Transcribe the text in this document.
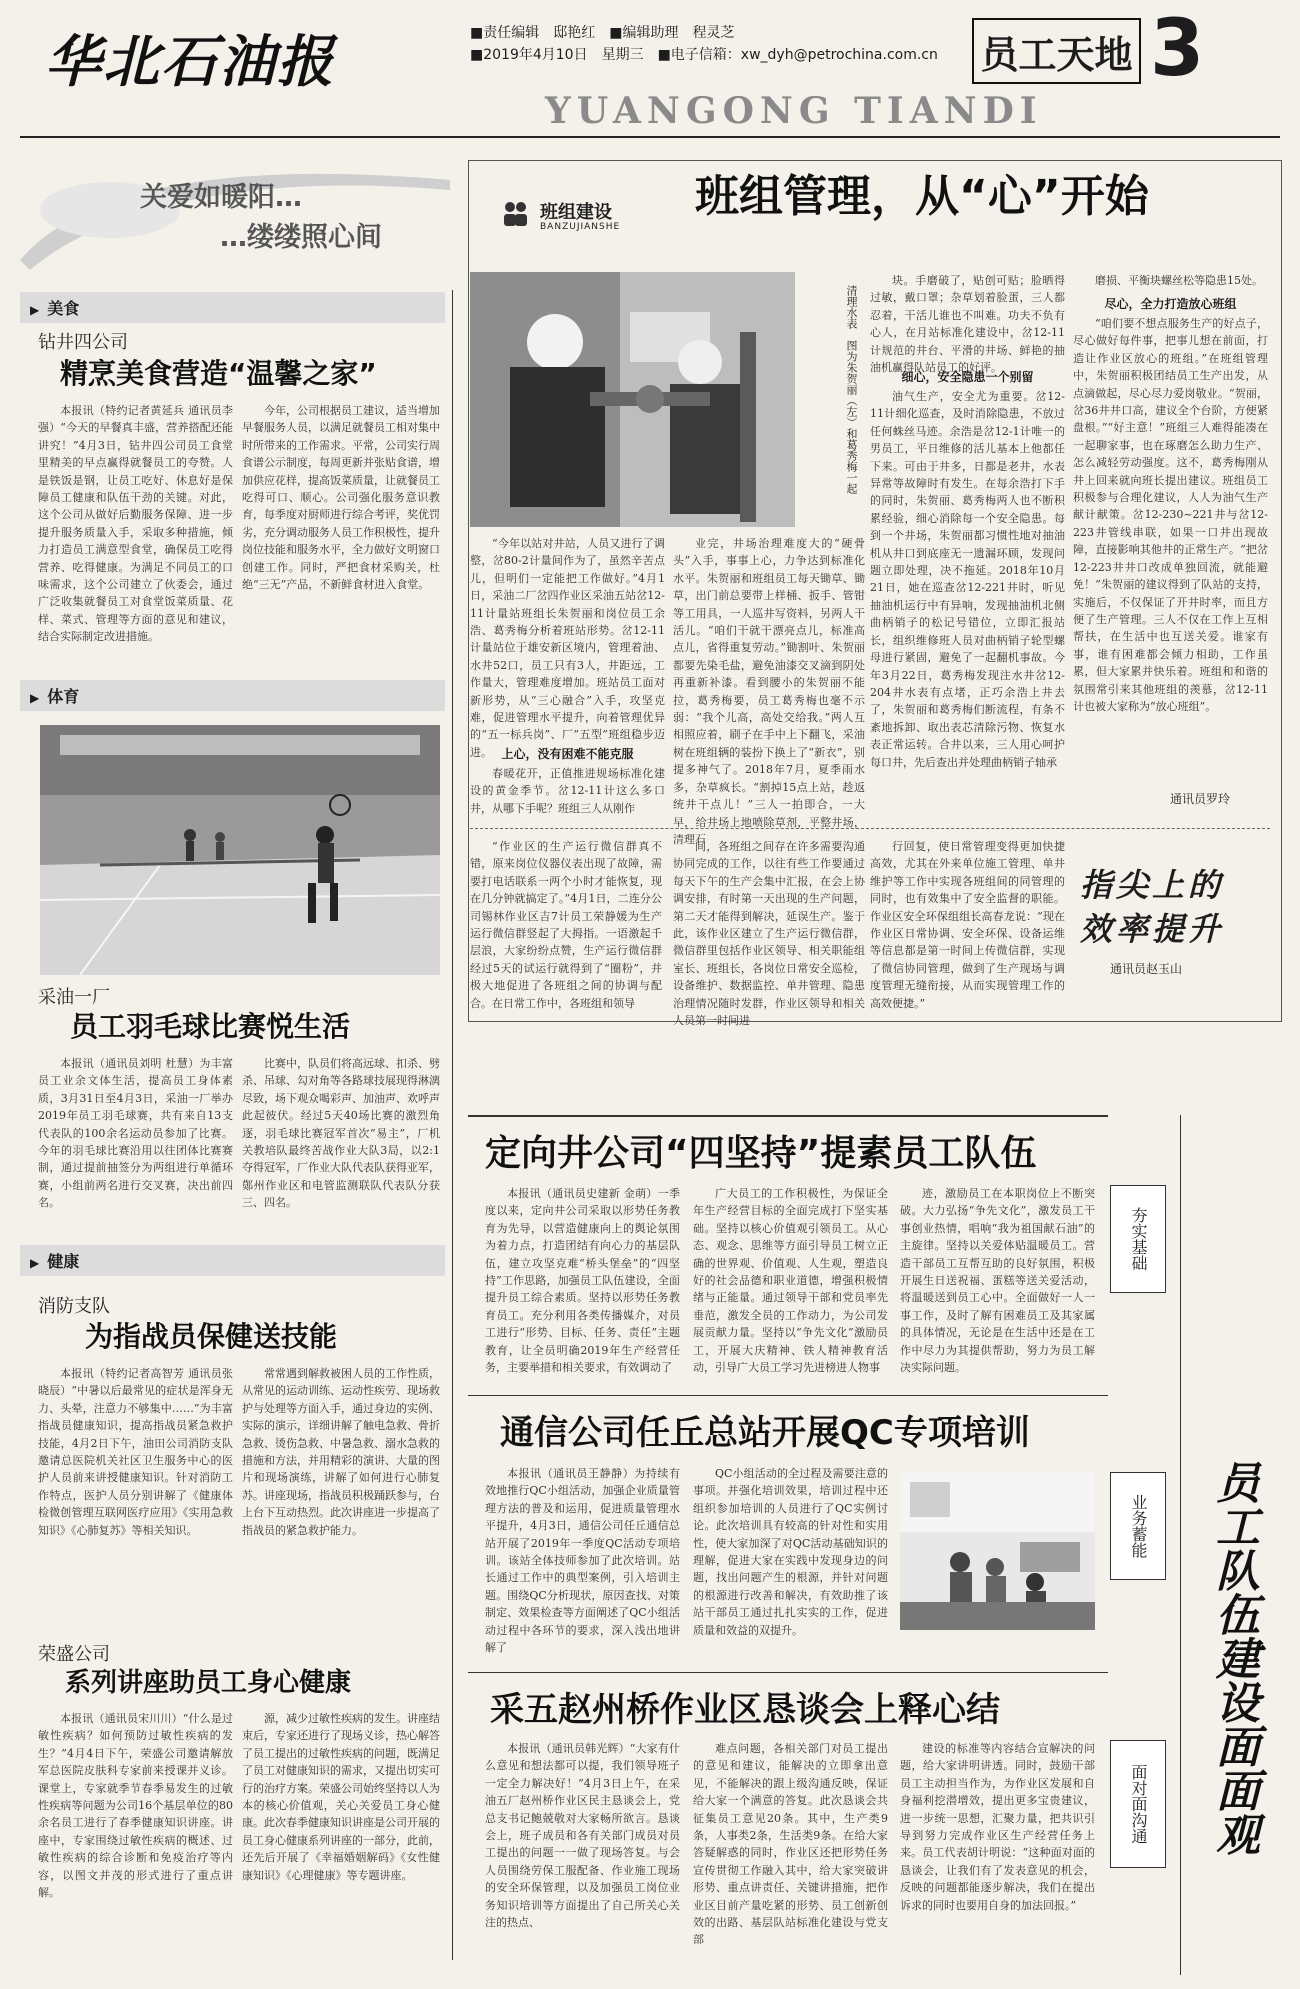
华北石油报	■责任编辑　邸艳红　 ■编辑助理　程灵芝
■2019年4月10日　星期三　 ■电子信箱：xw_dyh@petrochina.com.cn	员工天地 3
YUANGONG TIANDI
关爱如暖阳…
…缕缕照心间
▶ 美食
钻井四公司
精烹美食营造“温馨之家”

本报讯（特约记者黄延兵 通讯员李强）“今天的早餐真丰盛，营养搭配还能讲究！”4月3日，钻井四公司员工食堂里精美的早点赢得就餐员工的夸赞。人是铁饭是钢，让员工吃好、休息好是保障员工健康和队伍干劲的关键。对此，这个公司从做好后勤服务保障、进一步提升服务质量入手，采取多种措施，倾力打造员工满意型食堂，确保员工吃得营养、吃得健康。为满足不同员工的口味需求，这个公司建立了伙委会，通过广泛收集就餐员工对食堂饭菜质量、花样、菜式、管理等方面的意见和建议，结合实际制定改进措施。

今年，公司根据员工建议，适当增加早餐服务人员，以满足就餐员工相对集中时所带来的工作需求。平常，公司实行周食谱公示制度，每周更新并张贴食谱，增加供应花样，提高饭菜质量，让就餐员工吃得可口、顺心。公司强化服务意识教育，每季度对厨师进行综合考评，奖优罚劣，充分调动服务人员工作积极性，提升岗位技能和服务水平，全力做好文明窗口创建工作。同时，严把食材采购关，杜绝“三无”产品，不新鲜食材进入食堂。

▶ 体育
采油一厂
员工羽毛球比赛悦生活

本报讯（通讯员刘明 杜慧）为丰富员工业余文体生活，提高员工身体素质，3月31日至4月3日，采油一厂举办2019年员工羽毛球赛，共有来自13支代表队的100余名运动员参加了比赛。今年的羽毛球比赛沿用以往团体比赛赛制，通过提前抽签分为两组进行单循环赛，小组前两名进行交叉赛，决出前四名。

比赛中，队员们将高远球、扣杀、劈杀、吊球、勾对角等各路球技展现得淋漓尽致，场下观众喝彩声、加油声、欢呼声此起彼伏。经过5天40场比赛的激烈角逐，羽毛球比赛冠军首次“易主”，厂机关教培队最终苦战作业大队3局，以2:1夺得冠军，厂作业大队代表队获得亚军，鄚州作业区和电管监测联队代表队分获三、四名。

▶ 健康
消防支队
为指战员保健送技能

本报讯（特约记者高智芳 通讯员张晓辰）“中暑以后最常见的症状是浑身无力、头晕，注意力不够集中……”为丰富指战员健康知识，提高指战员紧急救护技能，4月2日下午，油田公司消防支队邀请总医院机关社区卫生服务中心的医护人员前来讲授健康知识。针对消防工作特点，医护人员分别讲解了《健康体检微创管理互联网医疗应用》《实用急救知识》《心肺复苏》等相关知识。

常常遇到解救被困人员的工作性质，从常见的运动训练、运动性疾劳、现场救护与处理等方面入手，通过身边的实例、实际的演示，详细讲解了触电急救、骨折急救、烫伤急救、中暑急救、溺水急救的措施和方法，并用精彩的演讲、大量的图片和现场演练，讲解了如何进行心肺复苏。讲座现场，指战员积极踊跃参与，台上台下互动热烈。此次讲座进一步提高了指战员的紧急救护能力。

荣盛公司
系列讲座助员工身心健康

本报讯（通讯员宋川川）“什么是过敏性疾病？如何预防过敏性疾病的发生？”4月4日下午，荣盛公司邀请解放军总医院皮肤科专家前来授课并义诊。课堂上，专家就季节春季易发生的过敏性疾病等问题为公司16个基层单位的80余名员工进行了春季健康知识讲座。讲座中，专家围绕过敏性疾病的概述、过敏性疾病的综合诊断和免疫治疗等内容，以图文并茂的形式进行了重点讲解。

源，减少过敏性疾病的发生。讲座结束后，专家还进行了现场义诊，热心解答了员工提出的过敏性疾病的问题，既满足了员工对健康知识的需求，又提出切实可行的治疗方案。荣盛公司始终坚持以人为本的核心价值观，关心关爱员工身心健康。此次春季健康知识讲座是公司开展的员工身心健康系列讲座的一部分，此前，还先后开展了《幸福婚姻解码》《女性健康知识》《心理健康》等专题讲座。

班组建设
BANZUJIANSHE
班组管理，从“心”开始
清理水表　图为朱贺丽（左）和葛秀梅一起

“今年以站对井站，人员又进行了调整，岔80-2计量间作为了，虽然辛苦点儿，但明们一定能把工作做好。”4月1日，采油二厂岔四作业区采油五站岔12-11计量站班组长朱贺丽和岗位员工余浩、葛秀梅分析着班站形势。岔12-11计量站位于雄安新区境内，管理着油、水井52口，员工只有3人，井距远，工作量大，管理难度增加。班站员工面对新形势，从“三心融合”入手，攻坚克难，促进管理水平提升，向着管理优异的“五一标兵岗”、厂“五型”班组稳步迈进。 上心，没有困难不能克服

春暖花开，正值推进规场标准化建设的黄金季节。岔12-11计这么多口井，从哪下手呢？班组三人从刚作

业完，井场治理难度大的“硬骨头”入手，事事上心，力争达到标准化水平。朱贺丽和班组员工每天锄草、锄草，出门前总要带上样桶、扳手、管钳等工用具，一人巡井写资料，另两人干活儿。“咱们干就干漂亮点儿，标准高点儿，省得重复劳动。”锄割叶、朱贺丽都要先染毛盐，避免油漆交叉滴到阴处再重新补漆。看到腰小的朱贺丽不能拉，葛秀梅要，员工葛秀梅也毫不示弱：“我个儿高，高处交给我。”两人互相照应着，刷子在手中上下翻飞，采油树在班组辆的装扮下换上了“新衣”，别提多神气了。2018年7月，夏季雨水多，杂草疯长。“割掉15点上站，趁返统井干点儿！”三人一拍即合，一大早，给井场上地喷除草剂，平整井场，清理石

块。手磨破了，贴创可贴；脸晒得过敏，戴口罩；杂草划着脸蛋，三人都忍着，干活儿谁也不叫难。功夫不负有心人，在月站标准化建设中，岔12-11计规范的井台、平滑的井场、鲜艳的抽油机赢得队站员工的好评。

细心，安全隐患一个别留

油气生产，安全尤为重要。岔12-11计细化巡查，及时消除隐患，不放过任何蛛丝马迹。余浩是岔12-1计唯一的男员工，平日维修的活儿基本上他都任下来。可由于井多，日都是老井，水表异常等故障时有发生。在每余浩打下手的同时，朱贺丽、葛秀梅两人也不断积累经验，细心消除每一个安全隐患。每到一个井场，朱贺丽都习惯性地对抽油机从井口到底座无一遗漏环顾，发现问题立即处理，决不拖延。2018年10月21日，她在巡查岔12-221井时，听见抽油机运行中有异响，发现抽油机北侧曲柄销子的松记号错位，立即汇报站长，组织维修班人员对曲柄销子轮型螺母进行紧固，避免了一起翻机事故。今年3月22日，葛秀梅发现注水井岔12-204井水表有点堵，正巧余浩上井去了，朱贺丽和葛秀梅们断流程，有条不紊地拆卸、取出表芯清除污物、恢复水表正常运转。合井以来，三人用心呵护每口井，先后查出并处理曲柄销子轴承

磨损、平衡块螺丝松等隐患15处。

尽心，全力打造放心班组

“咱们要不想点服务生产的好点子，尽心做好每件事，把事儿想在前面，打造让作业区放心的班组。”在班组管理中，朱贺丽积极团结员工生产出发，从点滴做起，尽心尽力爱岗敬业。“贺丽，岔36井井口高，建议全个台阶，方便紧盘根。”“好主意！”班组三人难得能凑在一起聊家事，也在琢磨怎么助力生产、怎么减轻劳动强度。这不，葛秀梅刚从井上回来就向班长提出建议。班组员工积极参与合理化建议，人人为油气生产献计献策。岔12-230~221井与岔12-223井管线串联，如果一口井出现故障，直接影响其他井的正常生产。“把岔12-223井井口改成单独回流，就能避免！”朱贺丽的建议得到了队站的支持，实施后，不仅保证了开井时率，而且方便了生产管理。三人不仅在工作上互相帮扶，在生活中也互送关爱。谁家有事，谁有困难都会倾力相助，工作虽累，但大家累并快乐着。班组和和谐的氛围常引来其他班组的羡慕，岔12-11计也被大家称为“放心班组”。

通讯员罗玲

“作业区的生产运行微信群真不错，原来岗位仪器仪表出现了故障，需要打电话联系一两个小时才能恢复，现在几分钟就搞定了。”4月1日，二连分公司锡林作业区吉7计员工荣静媛为生产运行微信群竖起了大拇指。一语激起千层浪，大家纷纷点赞，生产运行微信群经过5天的试运行就得到了“圈粉”，并极大地促进了各班组之间的协调与配合。在日常工作中，各班组和领导

间，各班组之间存在许多需要沟通协同完成的工作，以往有些工作要通过每天下午的生产会集中汇报，在会上协调安排，有时第一天出现的生产问题，第二天才能得到解决，延误生产。鉴于此，该作业区建立了生产运行微信群，微信群里包括作业区领导、相关职能组室长、班组长，各岗位日常安全巡检，设备维护、数据监控、单井管理、隐患治理情况随时发群，作业区领导和相关人员第一时间进

行回复，使日常管理变得更加快捷高效，尤其在外来单位施工管理、单井维护等工作中实现各班组间的同管理的同时，也有效集中了安全监督的职能。作业区安全环保组组长高春龙说：“现在作业区日常协调、安全环保、设备运维等信息都是第一时间上传微信群，实现了微信协同管理，做到了生产现场与调度管理无缝衔接，从而实现管理工作的高效便捷。”

指尖上的
效率提升
通讯员赵玉山
定向井公司“四坚持”提素员工队伍

本报讯（通讯员史建新 金萌）一季度以来，定向井公司采取以形势任务教育为先导，以营造健康向上的舆论氛围为着力点，打造团结有向心力的基层队伍，建立攻坚克难“桥头堡垒”的“四坚持”工作思路，加强员工队伍建设，全面提升员工综合素质。坚持以形势任务教育员工。充分利用各类传播媒介，对员工进行“形势、目标、任务、责任”主题教育，让全员明确2019年生产经营任务，主要举措和相关要求，有效调动了

广大员工的工作积极性，为保证全年生产经营目标的全面完成打下坚实基础。坚持以核心价值观引领员工。从心态、观念、思维等方面引导员工树立正确的世界观、价值观、人生观，塑造良好的社会品德和职业道德，增强积极情绪与正能量。通过领导干部和党员率先垂范，激发全员的工作动力，为公司发展贡献力量。坚持以“争先文化”激励员工，开展大庆精神、铁人精神教育活动，引导广大员工学习先进榜进人物事

迹，激励员工在本职岗位上不断突破。大力弘扬“争先文化”，激发员工干事创业热情，唱响“我为祖国献石油”的主旋律。坚持以关爱体贴温暖员工。营造干部员工互帮互助的良好氛围，积极开展生日送祝福、蛋糕等送关爱活动，将温暖送到员工心中。全面做好一人一事工作，及时了解有困难员工及其家属的具体情况，无论是在生活中还是在工作中尽力为其提供帮助，努力为员工解决实际问题。

夯实基础
通信公司任丘总站开展QC专项培训

本报讯（通讯员王静静）为持续有效地推行QC小组活动，加强企业质量管理方法的普及和运用，促进质量管理水平提升，4月3日，通信公司任丘通信总站开展了2019年一季度QC活动专项培训。该站全体技师参加了此次培训。站长通过工作中的典型案例，引入培训主题。围绕QC分析现状，原因查找、对策制定、效果检查等方面阐述了QC小组活动过程中各环节的要求，深入浅出地讲解了

QC小组活动的全过程及需要注意的事项。并强化培训效果，培训过程中还组织参加培训的人员进行了QC实例讨论。此次培训具有较高的针对性和实用性，使大家加深了对QC活动基础知识的理解，促进大家在实践中发现身边的问题，找出问题产生的根源，并针对问题的根源进行改善和解决，有效助推了该站干部员工通过扎扎实实的工作，促进质量和效益的双提升。

业务蓄能
采五赵州桥作业区恳谈会上释心结

本报讯（通讯员韩光辉）“大家有什么意见和想法都可以提，我们领导班子一定全力解决好！”4月3日上午，在采油五厂赵州桥作业区民主恳谈会上，党总支书记鲍兢敬对大家畅所欲言。恳谈会上，班子成员和各有关部门成员对员工提出的问题一一做了现场答复。与会人员围绕劳保工服配备、作业施工现场的安全环保管理，以及加强员工岗位业务知识培训等方面提出了自己所关心关注的热点、

难点问题，各相关部门对员工提出的意见和建议，能解决的立即拿出意见，不能解决的跟上级沟通反映，保证给大家一个满意的答复。此次恳谈会共征集员工意见20条。其中，生产类9条，人事类2条，生活类9条。在给大家答疑解惑的同时，作业区还把形势任务宣传贯彻工作融入其中，给大家突破讲形势、重点讲责任、关键讲措施，把作业区目前产量吃紧的形势、员工创新创效的出路、基层队站标准化建设与党支部

建设的标准等内容结合宣解决的问题，给大家讲明讲透。同时，鼓励干部员工主动担当作为，为作业区发展和自身福利挖潜增效，提出更多宝贵建议，进一步统一思想，汇聚力量，把共识引导到努力完成作业区生产经营任务上来。员工代表胡计明说：“这种面对面的恳谈会，让我们有了发表意见的机会，反映的问题都能逐步解决，我们在提出诉求的同时也要用自身的加法回报。”

面对面沟通	员工队伍建设面面观
